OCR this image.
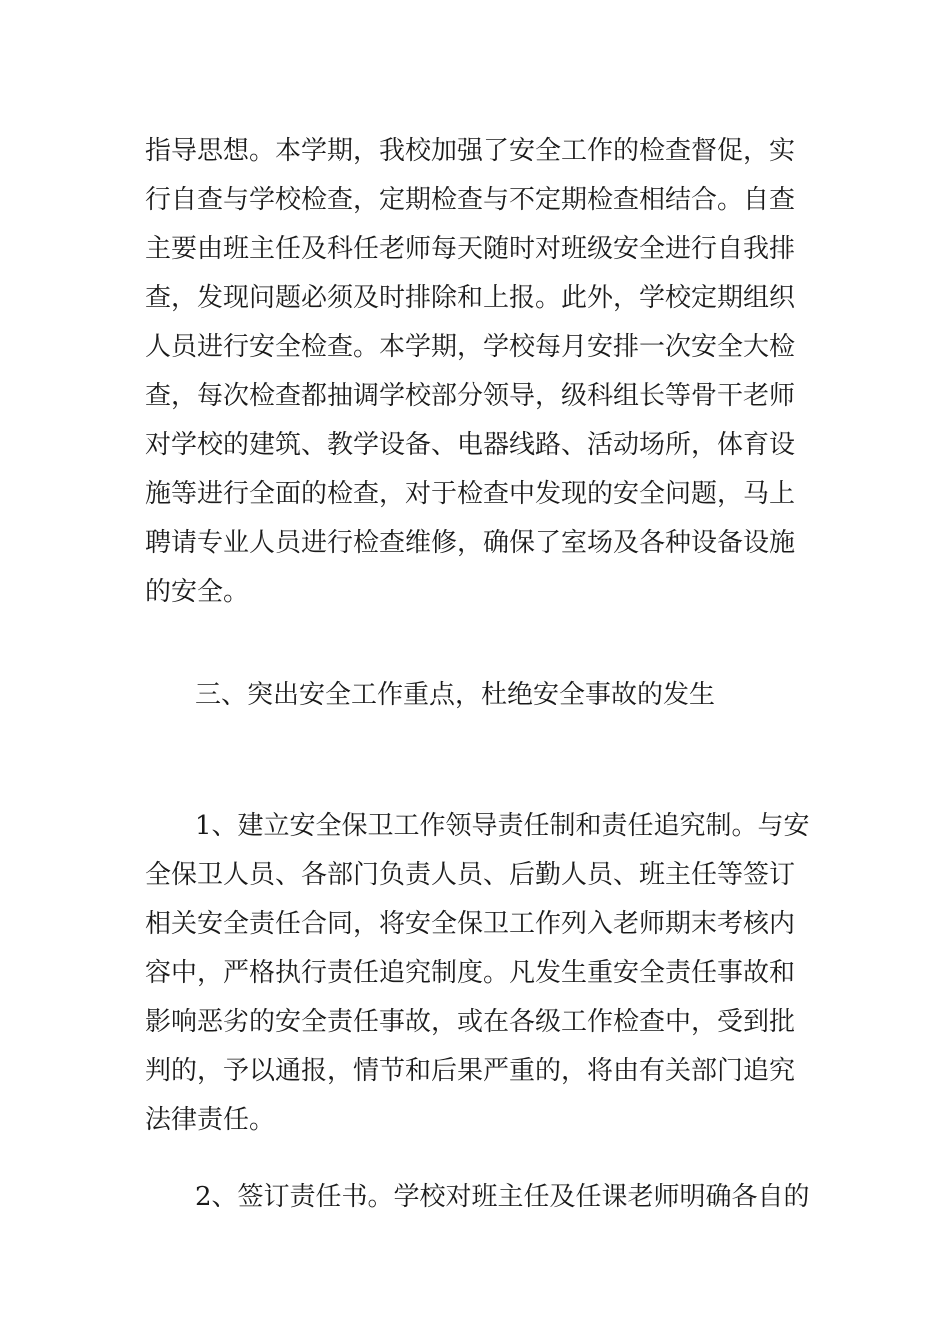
指导思想。本学期，我校加强了安全工作的检查督促，实
行自查与学校检查，定期检查与不定期检查相结合。自查
主要由班主任及科任老师每天随时对班级安全进行自我排
查，发现问题必须及时排除和上报。此外，学校定期组织
人员进行安全检查。本学期，学校每月安排一次安全大检
查，每次检查都抽调学校部分领导，级科组长等骨干老师
对学校的建筑、教学设备、电器线路、活动场所，体育设
施等进行全面的检查，对于检查中发现的安全问题，马上
聘请专业人员进行检查维修，确保了室场及各种设备设施
的安全。
三、突出安全工作重点，杜绝安全事故的发生
1、建立安全保卫工作领导责任制和责任追究制。与安
全保卫人员、各部门负责人员、后勤人员、班主任等签订
相关安全责任合同，将安全保卫工作列入老师期末考核内
容中，严格执行责任追究制度。凡发生重安全责任事故和
影响恶劣的安全责任事故，或在各级工作检查中，受到批
判的，予以通报，情节和后果严重的，将由有关部门追究
法律责任。
2、签订责任书。学校对班主任及任课老师明确各自的
